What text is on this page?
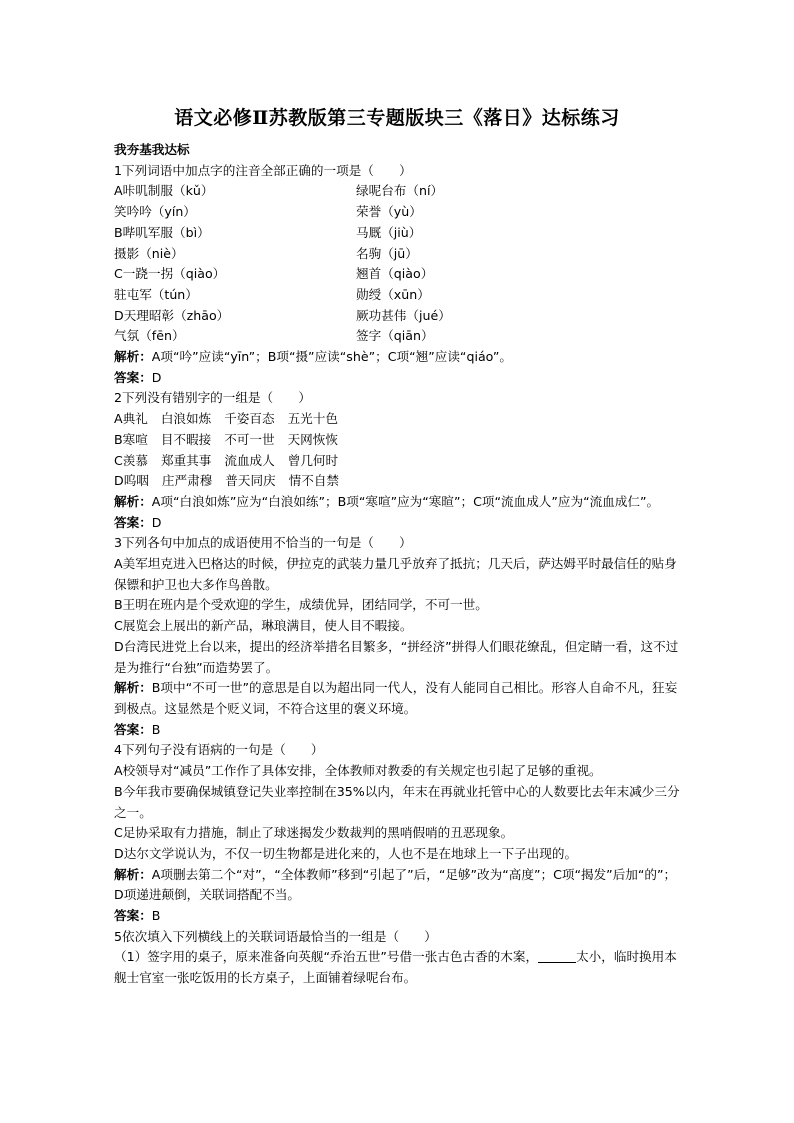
语文必修Ⅱ苏教版第三专题版块三《落日》达标练习
我夯基我达标
1下列词语中加点字的注音全部正确的一项是（　　）
A咔叽制服（kǔ）	绿呢台布（ní）
笑吟吟（yín）	荣誉（yù）
B哔叽军服（bì）	马厩（jiù）
摄影（niè）	名驹（jū）
C一跷一拐（qiào）	翘首（qiào）
驻屯军（tún）	勋绶（xūn）
D天理昭彰（zhāo）	厥功甚伟（jué）
气氛（fēn）	签字（qiān）
解析：A项“吟”应读“yīn”；B项“摄”应读“shè”；C项“翘”应读“qiáo”。
答案：D
2下列没有错别字的一组是（　　）
A典礼 白浪如炼 千姿百态 五光十色
B寒喧 目不暇接 不可一世 天网恢恢
C羡慕 郑重其事 流血成人 曾几何时
D呜咽 庄严肃穆 普天同庆 情不自禁
解析：A项“白浪如炼”应为“白浪如练”；B项“寒喧”应为“寒暄”；C项“流血成人”应为“流血成仁”。
答案：D
3下列各句中加点的成语使用不恰当的一句是（　　）
A美军坦克进入巴格达的时候，伊拉克的武装力量几乎放弃了抵抗；几天后，萨达姆平时最信任的贴身保镖和护卫也大多作鸟兽散。
B王明在班内是个受欢迎的学生，成绩优异，团结同学，不可一世。
C展览会上展出的新产品，琳琅满目，使人目不暇接。
D台湾民进党上台以来，提出的经济举措名目繁多，“拼经济”拼得人们眼花缭乱，但定睛一看，这不过是为推行“台独”而造势罢了。
解析：B项中“不可一世”的意思是自以为超出同一代人，没有人能同自己相比。形容人自命不凡，狂妄到极点。这显然是个贬义词，不符合这里的褒义环境。
答案：B
4下列句子没有语病的一句是（　　）
A校领导对“减员”工作作了具体安排，全体教师对教委的有关规定也引起了足够的重视。
B今年我市要确保城镇登记失业率控制在35%以内，年末在再就业托管中心的人数要比去年末减少三分之一。
C足协采取有力措施，制止了球迷揭发少数裁判的黑哨假哨的丑恶现象。
D达尔文学说认为，不仅一切生物都是进化来的，人也不是在地球上一下子出现的。
解析：A项删去第二个“对”，“全体教师”移到“引起了”后，“足够”改为“高度”；C项“揭发”后加“的”；D项递进颠倒，关联词搭配不当。
答案：B
5依次填入下列横线上的关联词语最恰当的一组是（　　）
（1）签字用的桌子，原来准备向英舰“乔治五世”号借一张古色古香的木案，	太小，临时换用本舰士官室一张吃饭用的长方桌子，上面铺着绿呢台布。
